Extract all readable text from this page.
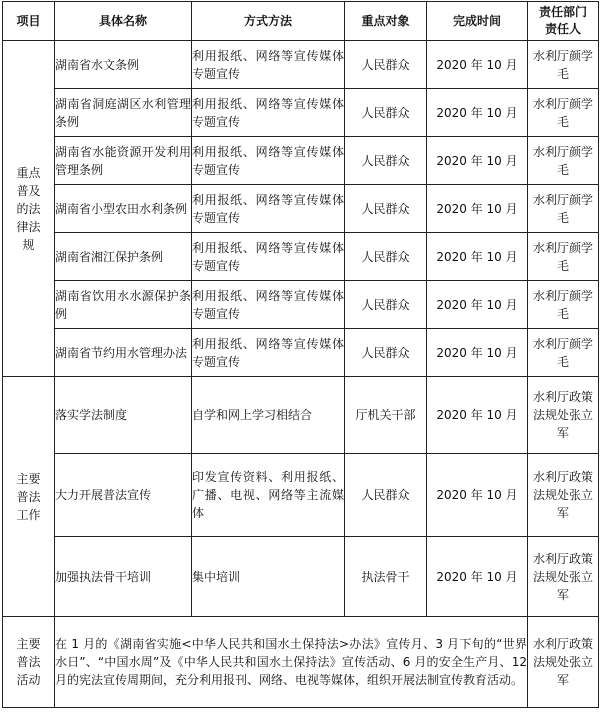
项目	具体名称	方式方法	重点对象	完成时间	责任部门
责任人
重点普及的法律法规	湖南省水文条例	利用报纸、网络等宣传媒体专题宣传	人民群众	2020 年 10 月	水利厅颜学毛
	湖南省洞庭湖区水利管理条例	利用报纸、网络等宣传媒体专题宣传	人民群众	2020 年 10 月	水利厅颜学毛
	湖南省水能资源开发利用管理条例	利用报纸、网络等宣传媒体专题宣传	人民群众	2020 年 10 月	水利厅颜学毛
	湖南省小型农田水利条例	利用报纸、网络等宣传媒体专题宣传	人民群众	2020 年 10 月	水利厅颜学毛
	湖南省湘江保护条例	利用报纸、网络等宣传媒体专题宣传	人民群众	2020 年 10 月	水利厅颜学毛
	湖南省饮用水水源保护条例	利用报纸、网络等宣传媒体专题宣传	人民群众	2020 年 10 月	水利厅颜学毛
	湖南省节约用水管理办法	利用报纸、网络等宣传媒体专题宣传	人民群众	2020 年 10 月	水利厅颜学毛
主要普法工作	落实学法制度	自学和网上学习相结合	厅机关干部	2020 年 10 月	水利厅政策法规处张立军
	大力开展普法宣传	印发宣传资料、利用报纸、广播、电视、网络等主流媒体	人民群众	2020 年 10 月	水利厅政策法规处张立军
	加强执法骨干培训	集中培训	执法骨干	2020 年 10 月	水利厅政策法规处张立军
主要普法活动	在 1 月的《湖南省实施<中华人民共和国水土保持法>办法》宣传月、3 月下旬的“世界水日”、“中国水周”及《中华人民共和国水土保持法》宣传活动、6 月的安全生产月、12 月的宪法宣传周期间，充分利用报刊、网络、电视等媒体，组织开展法制宣传教育活动。				水利厅政策法规处张立军
